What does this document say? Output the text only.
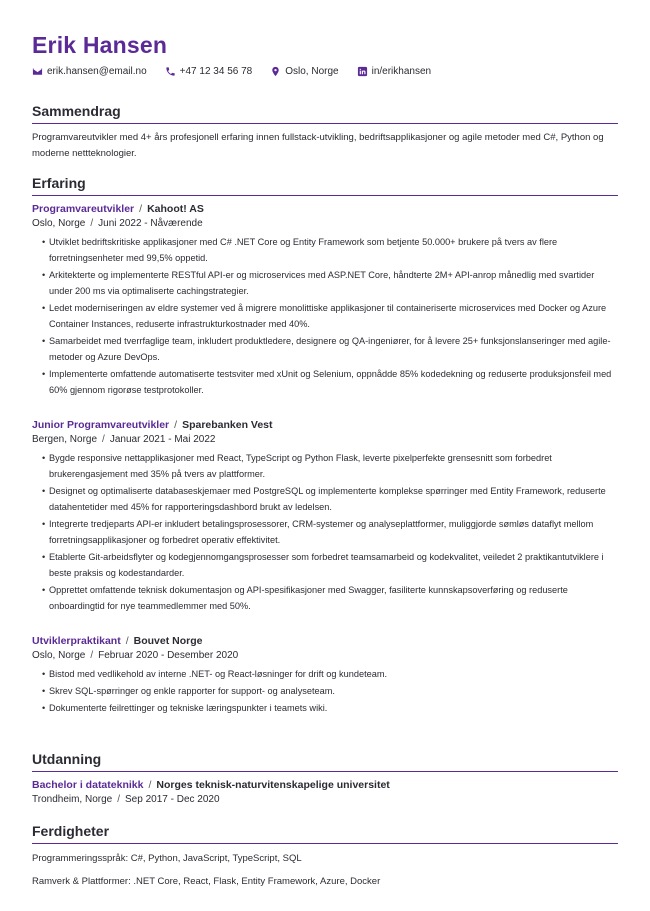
Erik Hansen
erik.hansen@email.no	+47 12 34 56 78	Oslo, Norge	in/erikhansen
Sammendrag
Programvareutvikler med 4+ års profesjonell erfaring innen fullstack-utvikling, bedriftsapplikasjoner og agile metoder med C#, Python og moderne nettteknologier.
Erfaring
Programvareutvikler / Kahoot! AS
Oslo, Norge / Juni 2022 - Nåværende
• Utviklet bedriftskritiske applikasjoner med C# .NET Core og Entity Framework som betjente 50.000+ brukere på tvers av flere forretningsenheter med 99,5% oppetid.
• Arkitekterte og implementerte RESTful API-er og microservices med ASP.NET Core, håndterte 2M+ API-anrop månedlig med svartider under 200 ms via optimaliserte cachingstrategier.
• Ledet moderniseringen av eldre systemer ved å migrere monolittiske applikasjoner til containeriserte microservices med Docker og Azure Container Instances, reduserte infrastrukturkostnader med 40%.
• Samarbeidet med tverrfaglige team, inkludert produktledere, designere og QA-ingeniører, for å levere 25+ funksjonslanseringer med agile-metoder og Azure DevOps.
• Implementerte omfattende automatiserte testsviter med xUnit og Selenium, oppnådde 85% kodedekning og reduserte produksjonsfeil med 60% gjennom rigorøse testprotokoller.
Junior Programvareutvikler / Sparebanken Vest
Bergen, Norge / Januar 2021 - Mai 2022
• Bygde responsive nettapplikasjoner med React, TypeScript og Python Flask, leverte pixelperfekte grensesnitt som forbedret brukerengasjement med 35% på tvers av plattformer.
• Designet og optimaliserte databaseskjemaer med PostgreSQL og implementerte komplekse spørringer med Entity Framework, reduserte datahentetider med 45% for rapporteringsdashbord brukt av ledelsen.
• Integrerte tredjeparts API-er inkludert betalingsprosessorer, CRM-systemer og analyseplattformer, muliggjorde sømløs dataflyt mellom forretningsapplikasjoner og forbedret operativ effektivitet.
• Etablerte Git-arbeidsflyter og kodegjennomgangsprosesser som forbedret teamsamarbeid og kodekvalitet, veiledet 2 praktikantutviklere i beste praksis og kodestandarder.
• Opprettet omfattende teknisk dokumentasjon og API-spesifikasjoner med Swagger, fasiliterte kunnskapsoverføring og reduserte onboardingtid for nye teammedlemmer med 50%.
Utviklerpraktikant / Bouvet Norge
Oslo, Norge / Februar 2020 - Desember 2020
• Bistod med vedlikehold av interne .NET- og React-løsninger for drift og kundeteam.
• Skrev SQL-spørringer og enkle rapporter for support- og analyseteam.
• Dokumenterte feilrettinger og tekniske læringspunkter i teamets wiki.
Utdanning
Bachelor i datateknikk / Norges teknisk-naturvitenskapelige universitet
Trondheim, Norge / Sep 2017 - Dec 2020
Ferdigheter
Programmeringsspråk: C#, Python, JavaScript, TypeScript, SQL
Ramverk & Plattformer: .NET Core, React, Flask, Entity Framework, Azure, Docker
